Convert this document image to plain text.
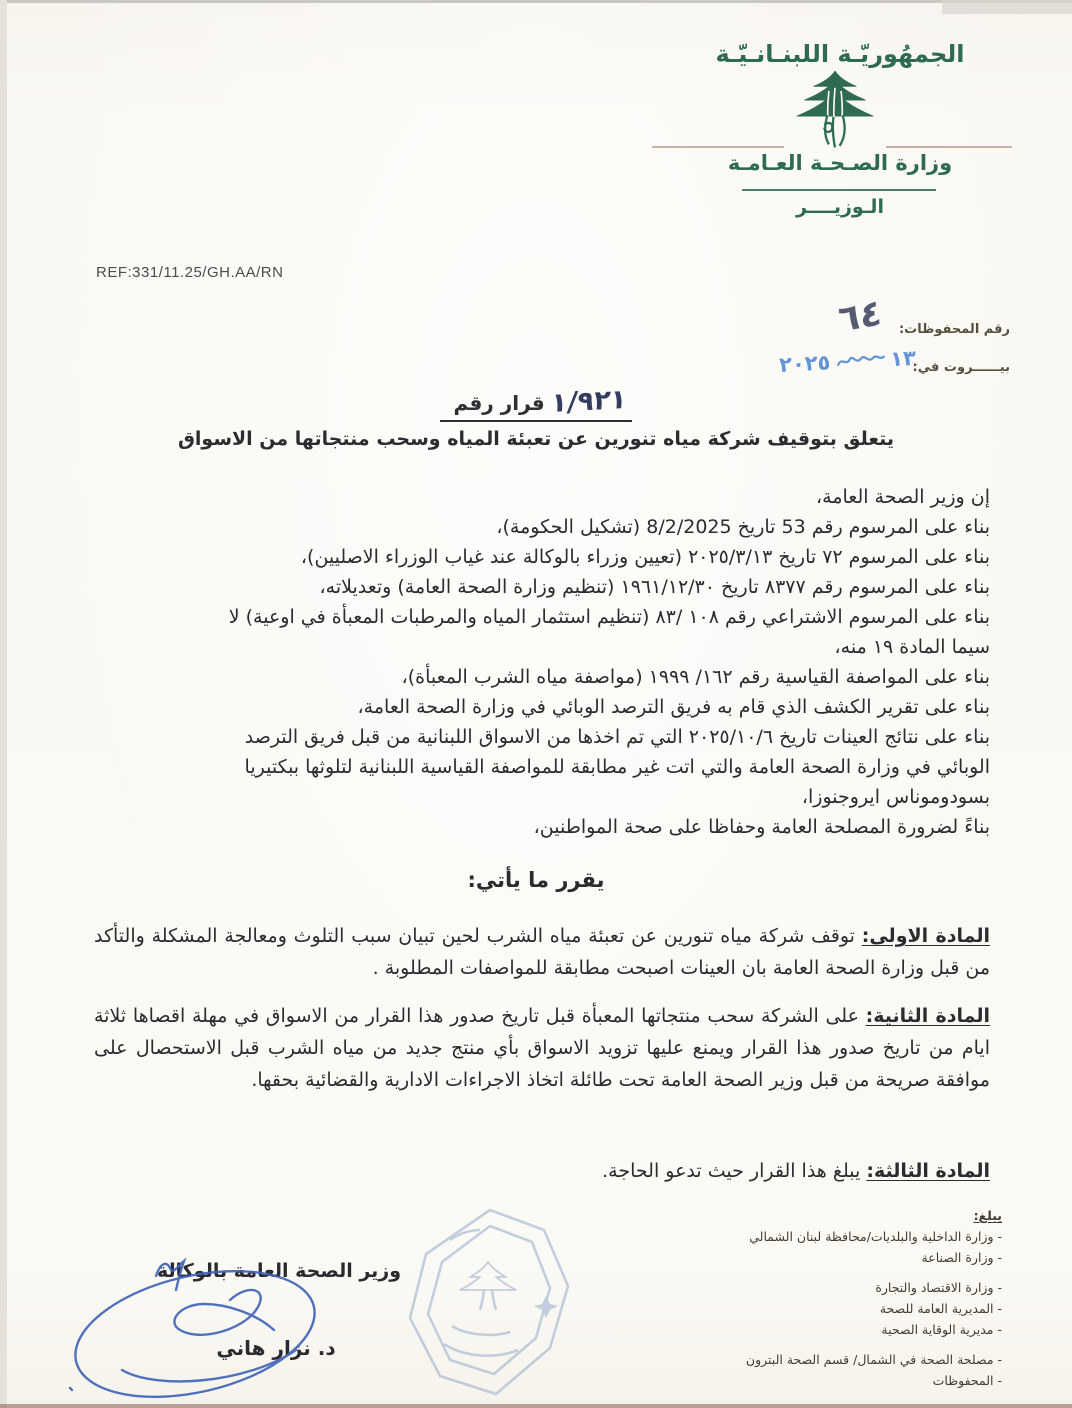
الجمهُوريّـة اللبنـانـيّـة
وزارة الصـحـة العـامـة
الـوزيــــر
REF:331/11.25/GH.AA/RN
رقم المحفوظات:
٦٤
بيــــــروت في:
١٣
٢٠٢٥
١/٩٢١
قرار رقم
يتعلق بتوقيف شركة مياه تنورين عن تعبئة المياه وسحب منتجاتها من الاسواق
إن وزير الصحة العامة،
بناء على المرسوم رقم 53 تاريخ 8/2/2025 (تشكيل الحكومة)،
بناء على المرسوم ٧٢ تاريخ ٢٠٢٥/٣/١٣ (تعيين وزراء بالوكالة عند غياب الوزراء الاصليين)،
بناء على المرسوم رقم ٨٣٧٧ تاريخ ١٩٦١/١٢/٣٠ (تنظيم وزارة الصحة العامة) وتعديلاته،
بناء على المرسوم الاشتراعي رقم ١٠٨ /٨٣ (تنظيم استثمار المياه والمرطبات المعبأة في اوعية) لا
سيما المادة ١٩ منه،
بناء على المواصفة القياسية رقم ١٦٢/ ١٩٩٩ (مواصفة مياه الشرب المعبأة)،
بناء على تقرير الكشف الذي قام به فريق الترصد الوبائي في وزارة الصحة العامة،
بناء على نتائج العينات تاريخ ٢٠٢٥/١٠/٦ التي تم اخذها من الاسواق اللبنانية من قبل فريق الترصد
الوبائي في وزارة الصحة العامة والتي اتت غير مطابقة للمواصفة القياسية اللبنانية لتلوثها ببكتيريا
بسودوموناس ايروجنوزا،
بناءً لضرورة المصلحة العامة وحفاظا على صحة المواطنين،
يقرر ما يأتي:

المادة الاولى: توقف شركة مياه تنورين عن تعبئة مياه الشرب لحين تبيان سبب التلوث ومعالجة المشكلة والتأكد من قبل وزارة الصحة العامة بان العينات اصبحت مطابقة للمواصفات المطلوبة .

المادة الثانية: على الشركة سحب منتجاتها المعبأة قبل تاريخ صدور هذا القرار من الاسواق في مهلة اقصاها ثلاثة ايام من تاريخ صدور هذا القرار ويمنع عليها تزويد الاسواق بأي منتج جديد من مياه الشرب قبل الاستحصال على موافقة صريحة من قبل وزير الصحة العامة تحت طائلة اتخاذ الاجراءات الادارية والقضائية بحقها.

المادة الثالثة: يبلغ هذا القرار حيث تدعو الحاجة.

يبلغ:
- وزارة الداخلية والبلديات/محافظة لبنان الشمالي
- وزارة الصناعة
- وزارة الاقتصاد والتجارة
- المديرية العامة للصحة
- مديرية الوقاية الصحية
- مصلحة الصحة في الشمال/ قسم الصحة البترون
- المحفوظات
وزير الصحة العامة بالوكالة
د. نزار هاني
